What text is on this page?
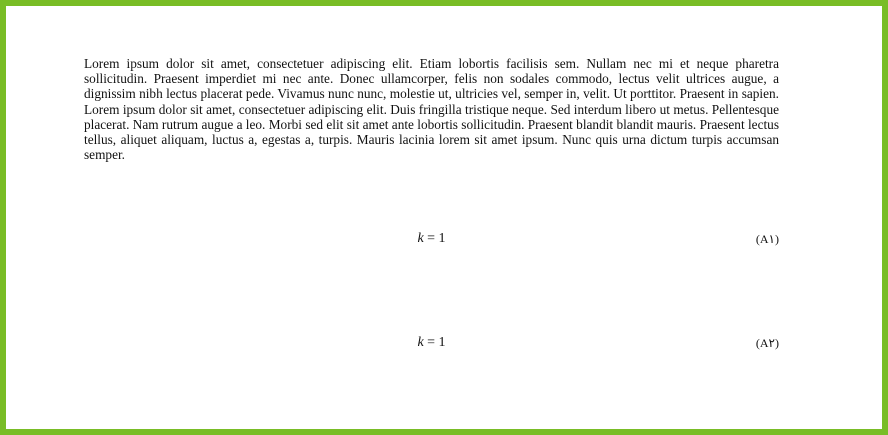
Lorem ipsum dolor sit amet, consectetuer adipiscing elit. Etiam lobortis facilisis sem. Nullam nec mi et neque pharetra sollicitudin. Praesent imperdiet mi nec ante. Donec ullamcorper, felis non sodales commodo, lectus velit ultrices augue, a dignissim nibh lectus placerat pede. Vivamus nunc nunc, molestie ut, ultricies vel, semper in, velit. Ut porttitor. Praesent in sapien. Lorem ipsum dolor sit amet, consectetuer adipiscing elit. Duis fringilla tristique neque. Sed interdum libero ut metus. Pellentesque placerat. Nam rutrum augue a leo. Morbi sed elit sit amet ante lobortis sollicitudin. Praesent blandit blandit mauris. Praesent lectus tellus, aliquet aliquam, luctus a, egestas a, turpis. Mauris lacinia lorem sit amet ipsum. Nunc quis urna dictum turpis accumsan semper.

k = 1	(A١)
k = 1	(A٢)
